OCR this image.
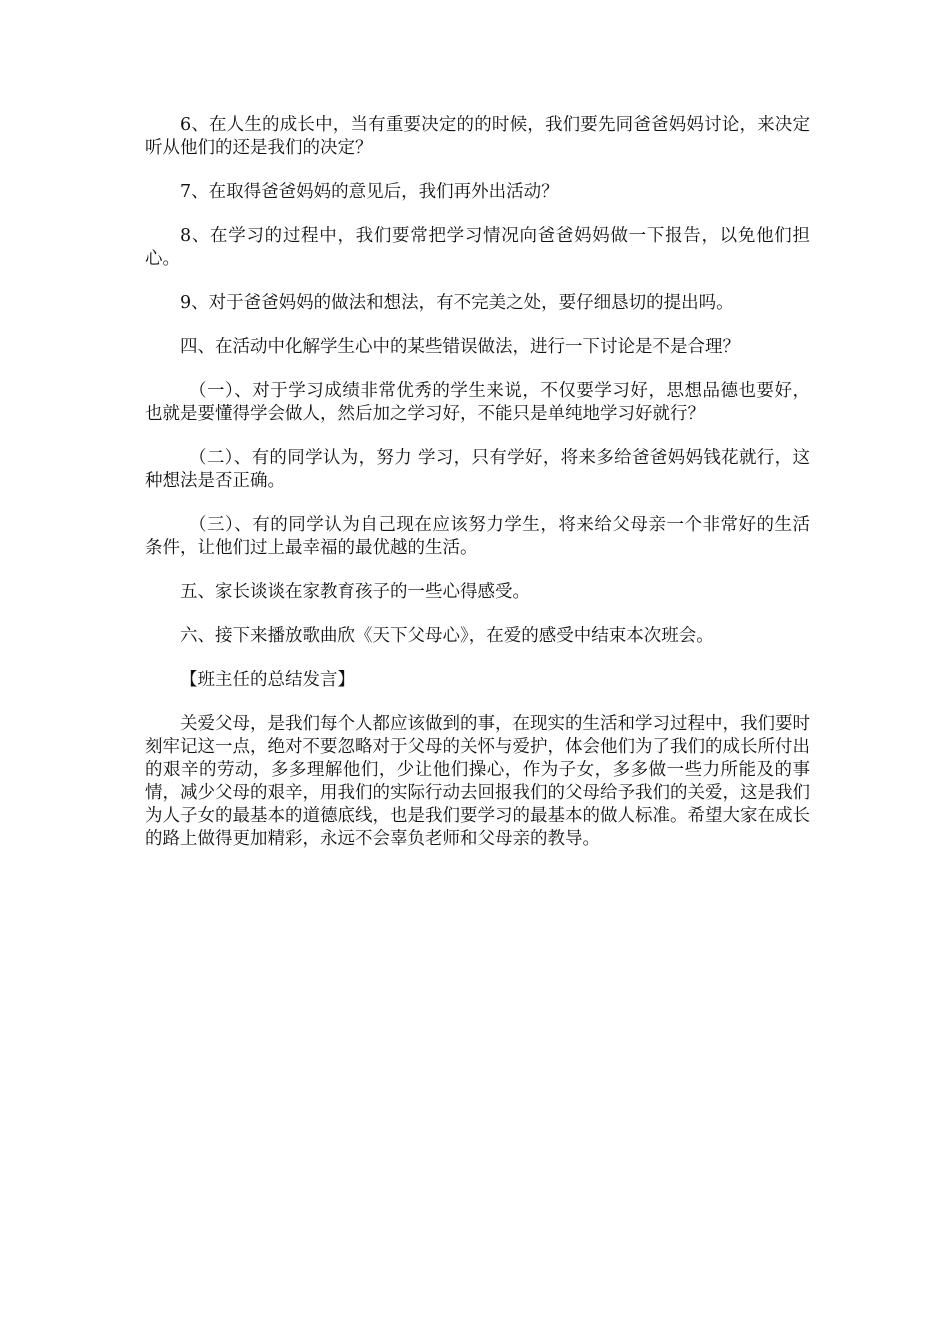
6、在人生的成长中，当有重要决定的的时候，我们要先同爸爸妈妈讨论，来决定听从他们的还是我们的决定？

7、在取得爸爸妈妈的意见后，我们再外出活动？

8、在学习的过程中，我们要常把学习情况向爸爸妈妈做一下报告，以免他们担心。

9、对于爸爸妈妈的做法和想法，有不完美之处，要仔细恳切的提出吗。

四、在活动中化解学生心中的某些错误做法，进行一下讨论是不是合理？

（一）、对于学习成绩非常优秀的学生来说，不仅要学习好，思想品德也要好，也就是要懂得学会做人，然后加之学习好，不能只是单纯地学习好就行？

（二）、有的同学认为，努力 学习，只有学好，将来多给爸爸妈妈钱花就行，这种想法是否正确。

（三）、有的同学认为自己现在应该努力学生，将来给父母亲一个非常好的生活条件，让他们过上最幸福的最优越的生活。

五、家长谈谈在家教育孩子的一些心得感受。

六、接下来播放歌曲欣《天下父母心》，在爱的感受中结束本次班会。

【班主任的总结发言】

关爱父母，是我们每个人都应该做到的事，在现实的生活和学习过程中，我们要时刻牢记这一点，绝对不要忽略对于父母的关怀与爱护，体会他们为了我们的成长所付出的艰辛的劳动，多多理解他们，少让他们操心，作为子女，多多做一些力所能及的事情，减少父母的艰辛，用我们的实际行动去回报我们的父母给予我们的关爱，这是我们为人子女的最基本的道德底线，也是我们要学习的最基本的做人标准。希望大家在成长的路上做得更加精彩，永远不会辜负老师和父母亲的教导。
